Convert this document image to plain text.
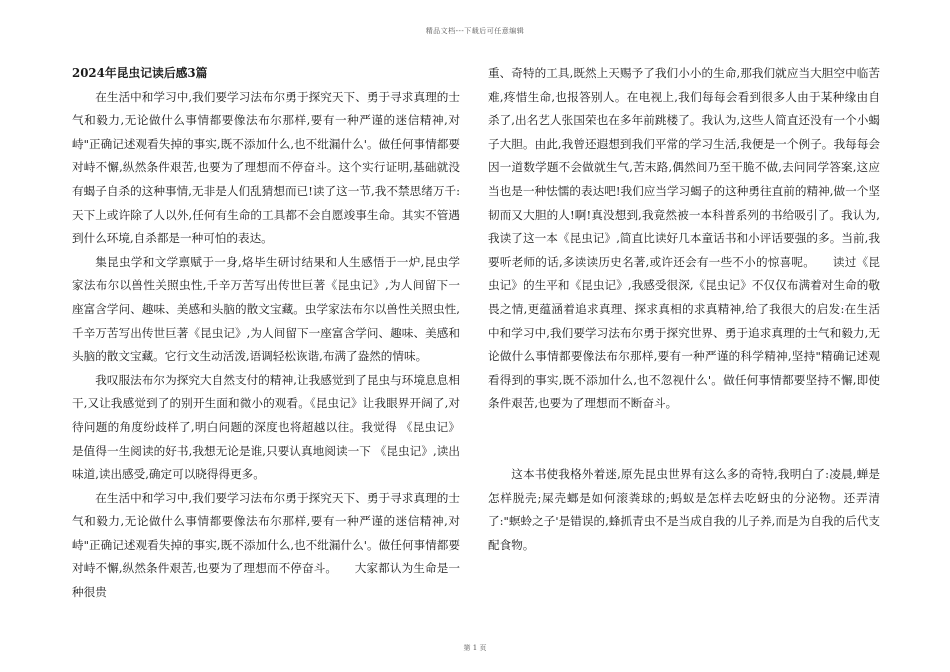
精品文档---下载后可任意编辑
2024年昆虫记读后感3篇

在生活中和学习中,我们要学习法布尔勇于探究天下、勇于寻求真理的士气和毅力,无论做什么事情都要像法布尔那样,要有一种严谨的迷信精神,对峙"正确记述观看失掉的事实,既不添加什么,也不纰漏什么'。做任何事情都要对峙不懈,纵然条件艰苦,也要为了理想而不停奋斗。这个实行证明,基础就没有蝎子自杀的这种事情,无非是人们乱猜想而已!读了这一节,我不禁思绪万千:天下上或许除了人以外,任何有生命的工具都不会自愿竣事生命。其实不管遇到什么环境,自杀都是一种可怕的表达。

集昆虫学和文学禀赋于一身,烙毕生研讨结果和人生感悟于一炉,昆虫学家法布尔以兽性关照虫性,千辛万苦写出传世巨著《昆虫记》,为人间留下一座富含学问、趣味、美感和头脑的散文宝藏。虫学家法布尔以兽性关照虫性,千辛万苦写出传世巨著《昆虫记》,为人间留下一座富含学问、趣味、美感和头脑的散文宝藏。它行文生动活泼,语调轻松诙谐,布满了盎然的情味。

我叹服法布尔为探究大自然支付的精神,让我感觉到了昆虫与环境息息相干,又让我感觉到了的别开生面和微小的观看。《昆虫记》让我眼界开阔了,对待问题的角度纷歧样了,明白问题的深度也将超越以往。我觉得 《昆虫记》是值得一生阅读的好书,我想无论是谁,只要认真地阅读一下 《昆虫记》,读出味道,读出感受,确定可以晓得得更多。

在生活中和学习中,我们要学习法布尔勇于探究天下、勇于寻求真理的士气和毅力,无论做什么事情都要像法布尔那样,要有一种严谨的迷信精神,对峙"正确记述观看失掉的事实,既不添加什么,也不纰漏什么'。做任何事情都要对峙不懈,纵然条件艰苦,也要为了理想而不停奋斗。　　大家都认为生命是一种很贵

重、奇特的工具,既然上天赐予了我们小小的生命,那我们就应当大胆空中临苦难,疼惜生命,也报答别人。在电视上,我们每每会看到很多人由于某种缘由自杀了,出名艺人张国荣也在多年前跳楼了。我认为,这些人简直还没有一个小蝎子大胆。由此,我曾还遐想到我们平常的学习生活,我便是一个例子。我每每会因一道数学题不会做就生气,苦末路,偶然间乃至干脆不做,去问同学答案,这应当也是一种怯懦的表达吧!我们应当学习蝎子的这种勇往直前的精神,做一个坚韧而又大胆的人!啊!真没想到,我竟然被一本科普系列的书给吸引了。我认为,我读了这一本《昆虫记》,简直比读好几本童话书和小评话要强的多。当前,我要听老师的话,多读读历史名著,或许还会有一些不小的惊喜呢。　　读过《昆虫记》的生平和《昆虫记》,我感受很深,《昆虫记》不仅仅布满着对生命的敬畏之情,更蕴涵着追求真理、探求真相的求真精神,给了我很大的启发:在生活中和学习中,我们要学习法布尔勇于探究世界、勇于追求真理的士气和毅力,无论做什么事情都要像法布尔那样,要有一种严谨的科学精神,坚持"精确记述观看得到的事实,既不添加什么,也不忽视什么'。做任何事情都要坚持不懈,即使条件艰苦,也要为了理想而不断奋斗。

这本书使我格外着迷,原先昆虫世界有这么多的奇特,我明白了:凌晨,蝉是怎样脱壳;屎壳螂是如何滚粪球的;蚂蚁是怎样去吃蚜虫的分泌物。还弄清了:"螟蛉之子'是错误的,蜂抓青虫不是当成自我的儿子养,而是为自我的后代支配食物。

第 1 页
